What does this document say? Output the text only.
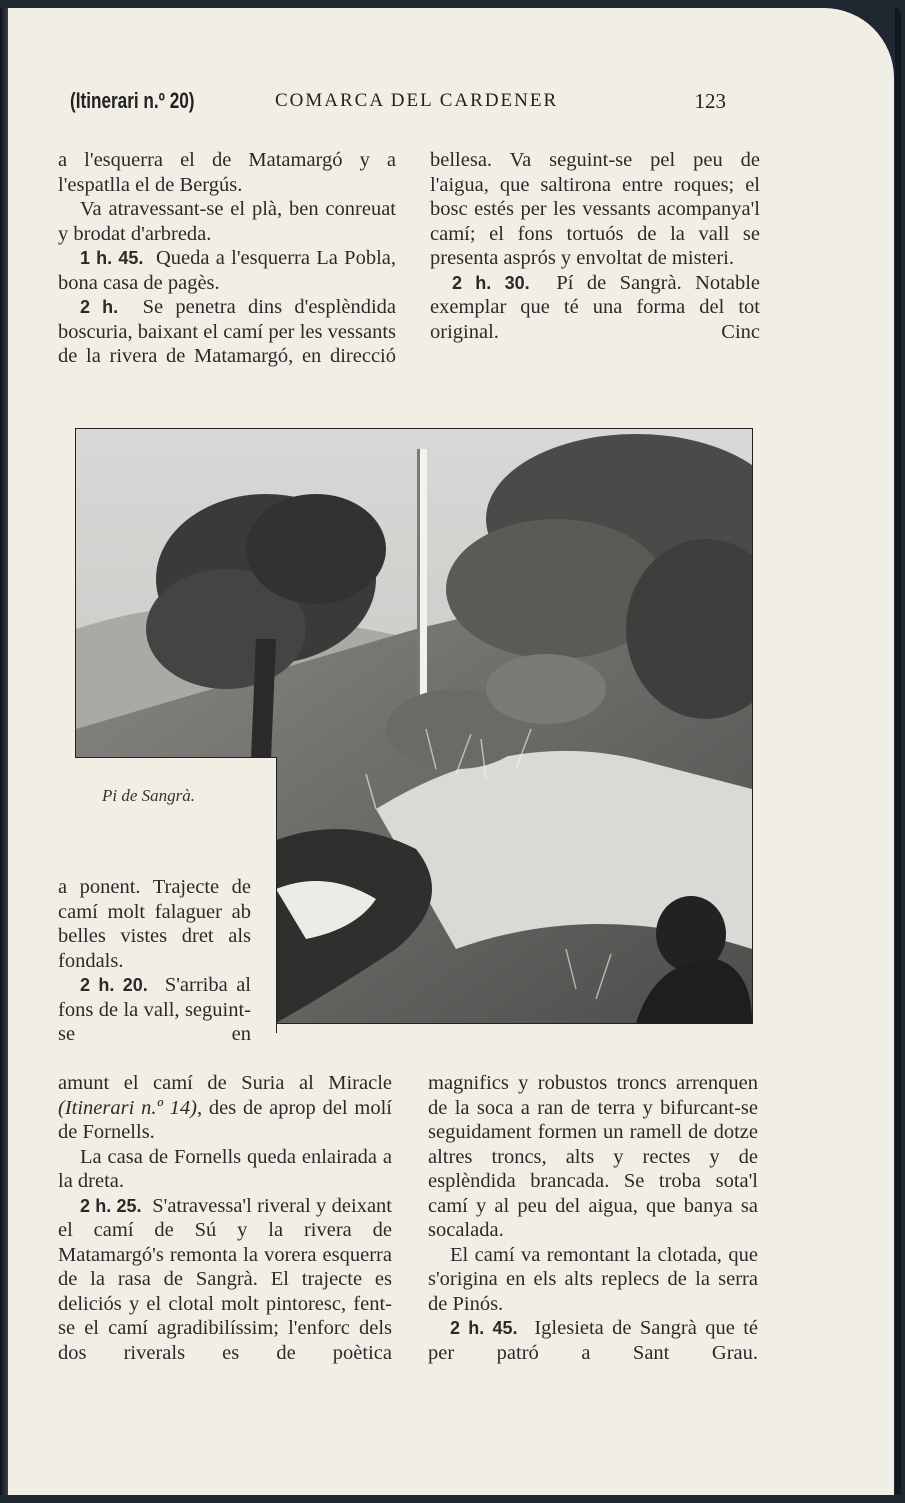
(Itinerari n.º 20)	COMARCA DEL CARDENER	123

a l'esquerra el de Matamargó y a l'espatlla el de Bergús.

Va atravessant-se el plà, ben conreuat y brodat d'arbreda.

1 h. 45. Queda a l'esquerra La Pobla, bona casa de pagès.

2 h. Se penetra dins d'esplèndida boscuria, baixant el camí per les vessants de la rivera de Matamargó, en direcció

bellesa. Va seguint-se pel peu de l'aigua, que saltirona entre roques; el bosc estés per les vessants acompanya'l camí; el fons tortuós de la vall se presenta asprós y envoltat de misteri.

2 h. 30. Pí de Sangrà. Notable exemplar que té una forma del tot original. Cinc

Pi de Sangrà.

a ponent. Trajecte de camí molt falaguer ab belles vistes dret als fondals.

2 h. 20. S'arriba al fons de la vall, seguint-se en

amunt el camí de Suria al Miracle (Itinerari n.º 14), des de aprop del molí de Fornells.

La casa de Fornells queda enlairada a la dreta.

2 h. 25. S'atravessa'l riveral y deixant el camí de Sú y la rivera de Matamargó's remonta la vorera esquerra de la rasa de Sangrà. El trajecte es deliciós y el clotal molt pintoresc, fent-se el camí agradibilíssim; l'enforc dels dos riverals es de poètica

magnifics y robustos troncs arrenquen de la soca a ran de terra y bifurcant-se seguidament formen un ramell de dotze altres troncs, alts y rectes y de esplèndida brancada. Se troba sota'l camí y al peu del aigua, que banya sa socalada.

El camí va remontant la clotada, que s'origina en els alts replecs de la serra de Pinós.

2 h. 45. Iglesieta de Sangrà que té per patró a Sant Grau.
